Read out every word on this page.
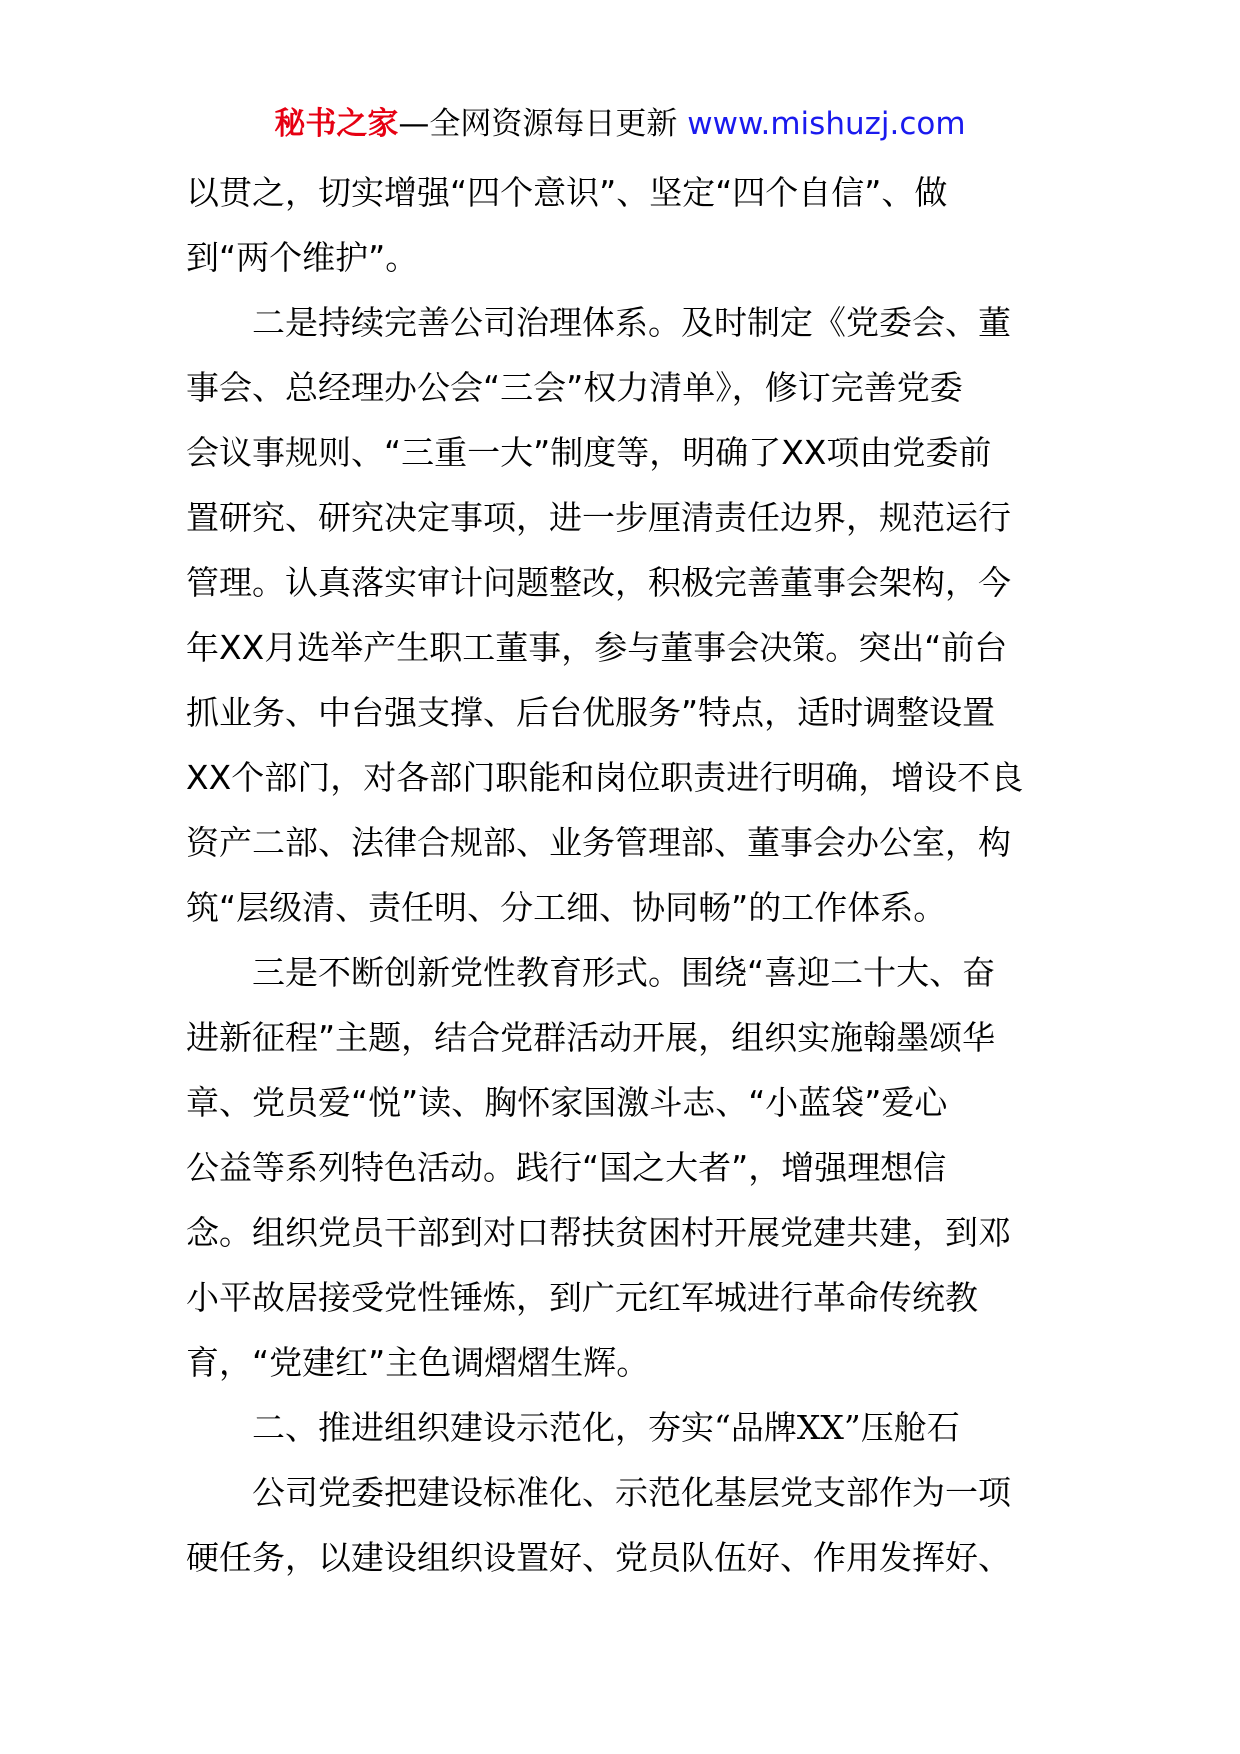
秘书之家—全网资源每日更新 www.mishuzj.com
以贯之，切实增强“四个意识”、坚定“四个自信”、做
到“两个维护”。
　　二是持续完善公司治理体系。及时制定《党委会、董
事会、总经理办公会“三会”权力清单》，修订完善党委
会议事规则、“三重一大”制度等，明确了XX项由党委前
置研究、研究决定事项，进一步厘清责任边界，规范运行
管理。认真落实审计问题整改，积极完善董事会架构，今
年XX月选举产生职工董事，参与董事会决策。突出“前台
抓业务、中台强支撑、后台优服务”特点，适时调整设置
XX个部门，对各部门职能和岗位职责进行明确，增设不良
资产二部、法律合规部、业务管理部、董事会办公室，构
筑“层级清、责任明、分工细、协同畅”的工作体系。
　　三是不断创新党性教育形式。围绕“喜迎二十大、奋
进新征程”主题，结合党群活动开展，组织实施翰墨颂华
章、党员爱“悦”读、胸怀家国激斗志、“小蓝袋”爱心
公益等系列特色活动。践行“国之大者”，增强理想信
念。组织党员干部到对口帮扶贫困村开展党建共建，到邓
小平故居接受党性锤炼，到广元红军城进行革命传统教
育，“党建红”主色调熠熠生辉。
　　二、推进组织建设示范化，夯实“品牌XX”压舱石
　　公司党委把建设标准化、示范化基层党支部作为一项
硬任务，以建设组织设置好、党员队伍好、作用发挥好、
